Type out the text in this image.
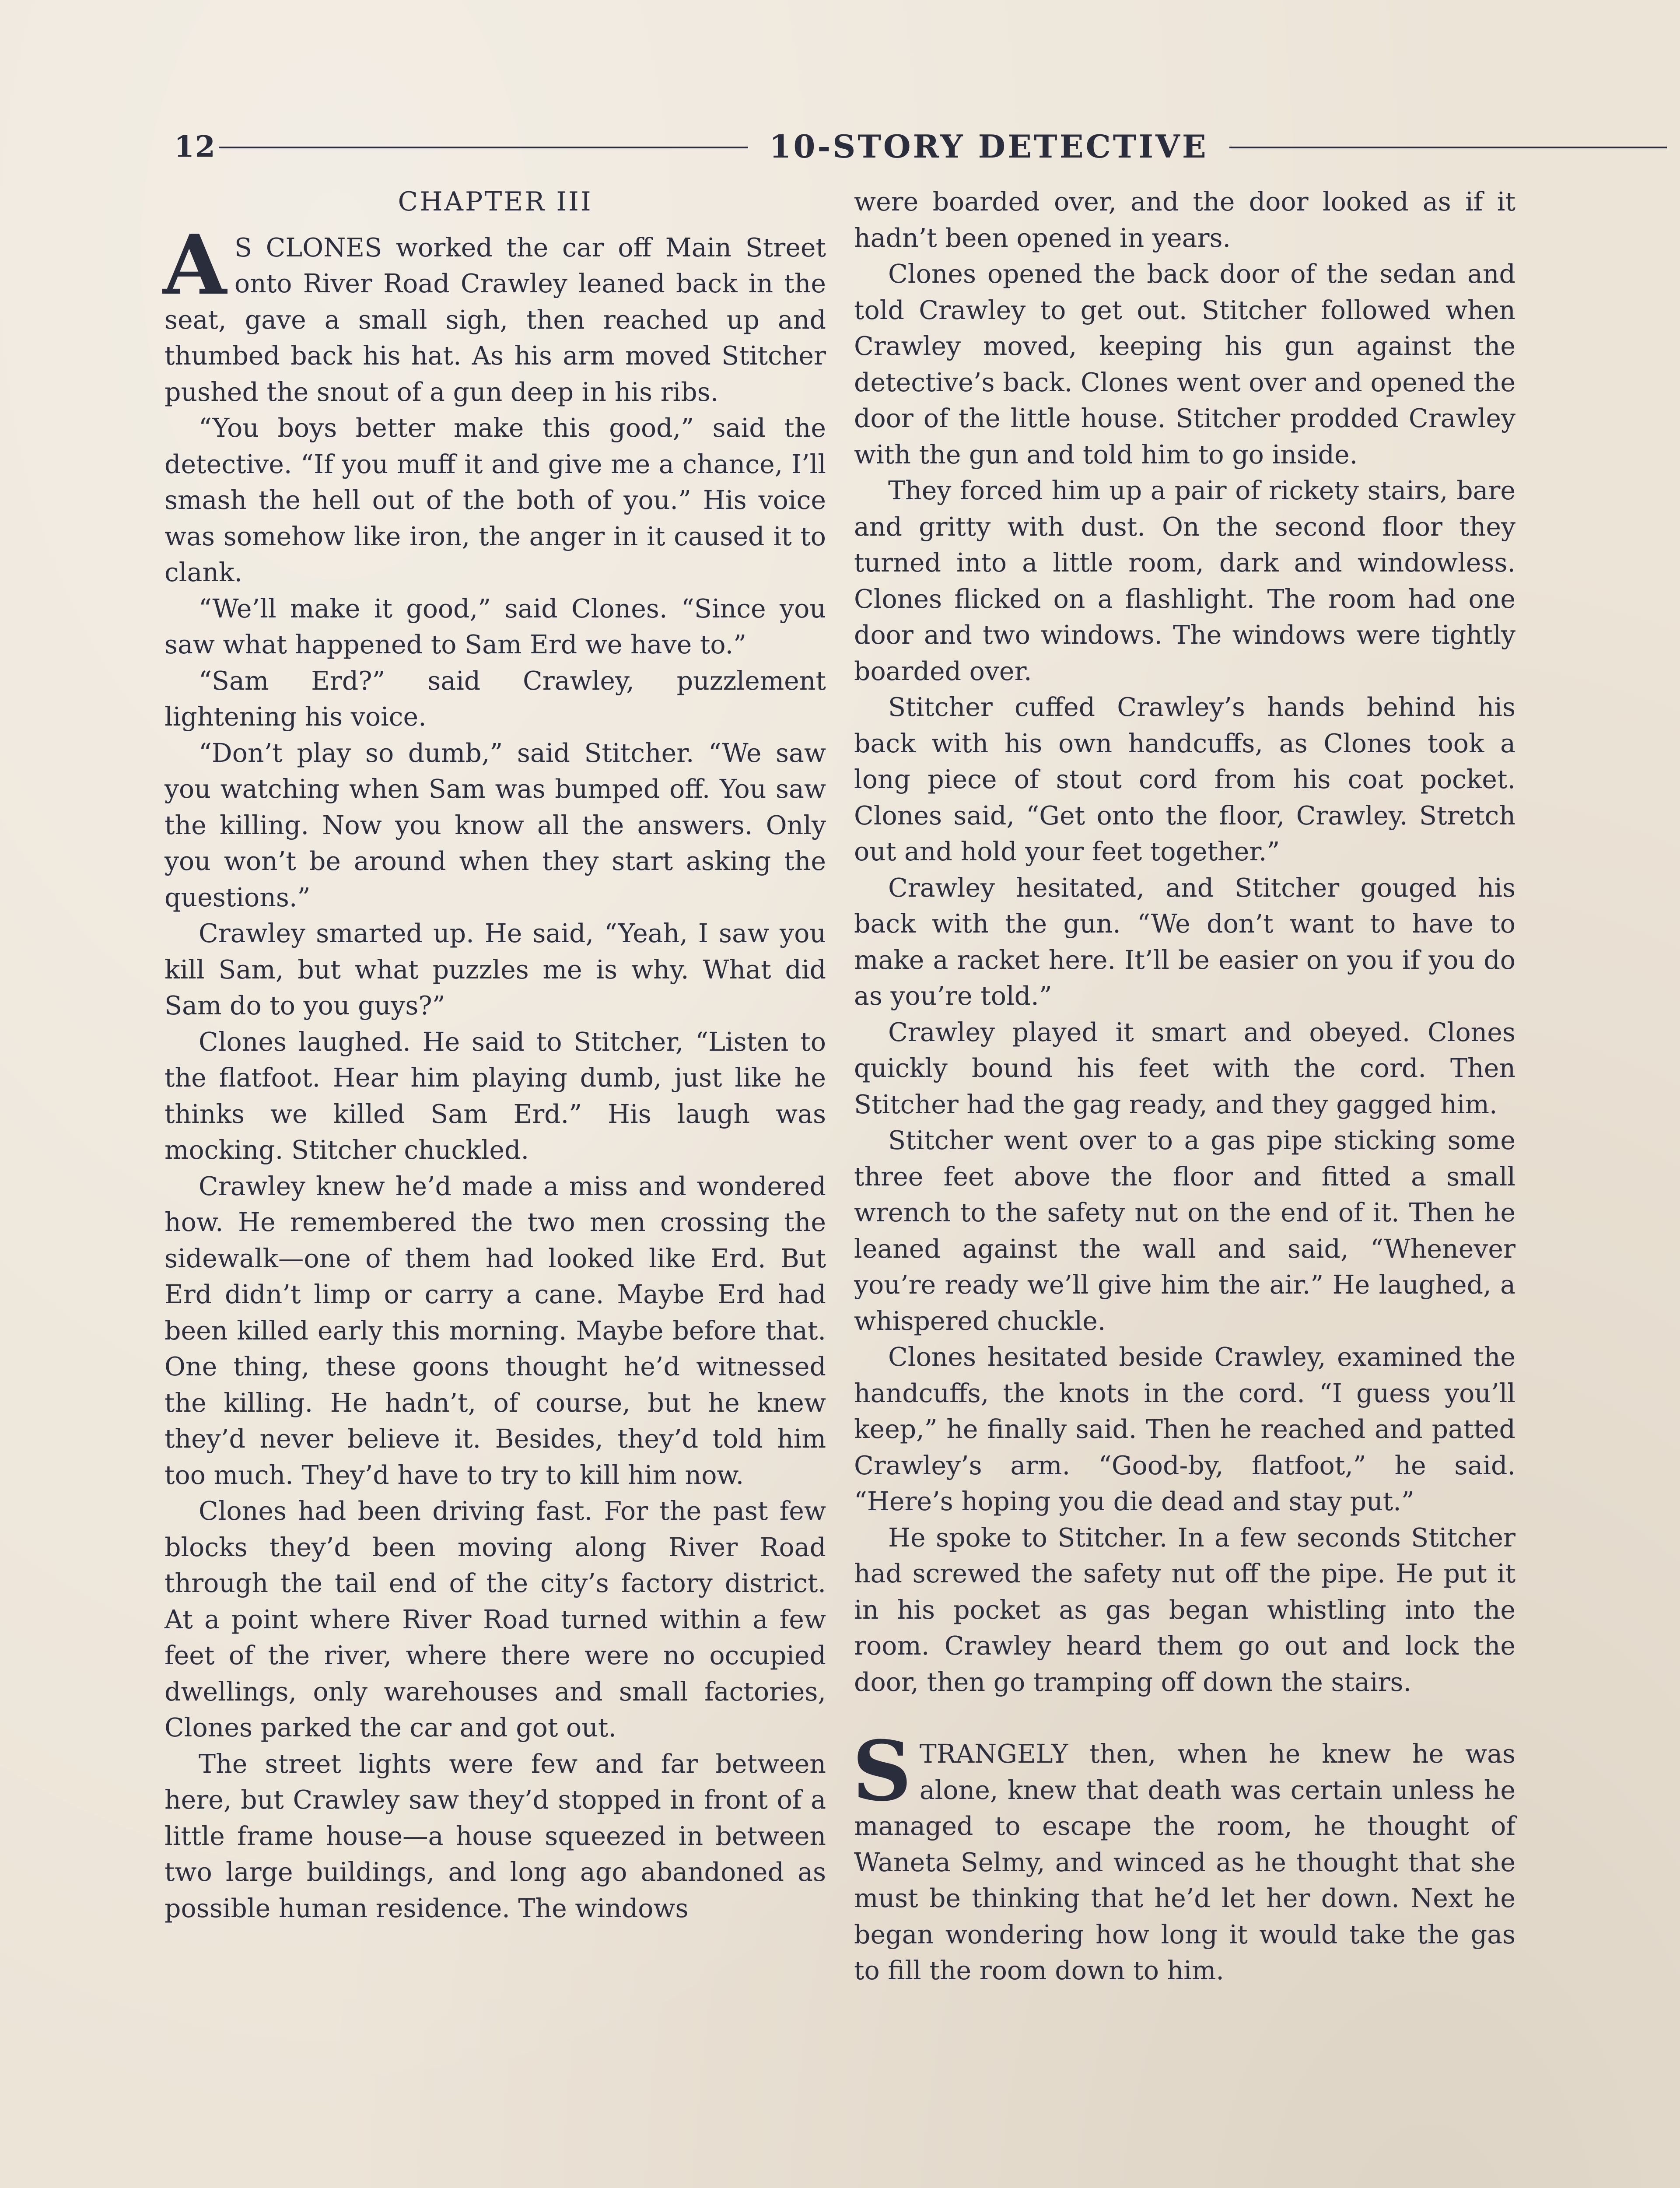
12	10-STORY DETECTIVE
CHAPTER III

A S CLONES worked the car off Main Street onto River Road Crawley leaned back in the seat, gave a small sigh, then reached up and thumbed back his hat. As his arm moved Stitcher pushed the snout of a gun deep in his ribs.

“You boys better make this good,” said the detective. “If you muff it and give me a chance, I’ll smash the hell out of the both of you.” His voice was somehow like iron, the anger in it caused it to clank.

“We’ll make it good,” said Clones. “Since you saw what happened to Sam Erd we have to.”

“Sam Erd?” said Crawley, puzzlement lightening his voice.

“Don’t play so dumb,” said Stitcher. “We saw you watching when Sam was bumped off. You saw the killing. Now you know all the answers. Only you won’t be around when they start asking the questions.”

Crawley smarted up. He said, “Yeah, I saw you kill Sam, but what puzzles me is why. What did Sam do to you guys?”

Clones laughed. He said to Stitcher, “Listen to the flatfoot. Hear him playing dumb, just like he thinks we killed Sam Erd.” His laugh was mocking. Stitcher chuckled.

Crawley knew he’d made a miss and wondered how. He remembered the two men crossing the sidewalk—one of them had looked like Erd. But Erd didn’t limp or carry a cane. Maybe Erd had been killed early this morning. Maybe before that. One thing, these goons thought he’d witnessed the killing. He hadn’t, of course, but he knew they’d never believe it. Besides, they’d told him too much. They’d have to try to kill him now.

Clones had been driving fast. For the past few blocks they’d been moving along River Road through the tail end of the city’s factory district. At a point where River Road turned within a few feet of the river, where there were no occupied dwellings, only warehouses and small factories, Clones parked the car and got out.

The street lights were few and far between here, but Crawley saw they’d stopped in front of a little frame house—a house squeezed in between two large buildings, and long ago abandoned as possible human residence. The windows

were boarded over, and the door looked as if it hadn’t been opened in years.

Clones opened the back door of the sedan and told Crawley to get out. Stitcher followed when Crawley moved, keeping his gun against the detective’s back. Clones went over and opened the door of the little house. Stitcher prodded Crawley with the gun and told him to go inside.

They forced him up a pair of rickety stairs, bare and gritty with dust. On the second floor they turned into a little room, dark and windowless. Clones flicked on a flashlight. The room had one door and two windows. The windows were tightly boarded over.

Stitcher cuffed Crawley’s hands behind his back with his own handcuffs, as Clones took a long piece of stout cord from his coat pocket. Clones said, “Get onto the floor, Crawley. Stretch out and hold your feet together.”

Crawley hesitated, and Stitcher gouged his back with the gun. “We don’t want to have to make a racket here. It’ll be easier on you if you do as you’re told.”

Crawley played it smart and obeyed. Clones quickly bound his feet with the cord. Then Stitcher had the gag ready, and they gagged him.

Stitcher went over to a gas pipe sticking some three feet above the floor and fitted a small wrench to the safety nut on the end of it. Then he leaned against the wall and said, “Whenever you’re ready we’ll give him the air.” He laughed, a whispered chuckle.

Clones hesitated beside Crawley, examined the handcuffs, the knots in the cord. “I guess you’ll keep,” he finally said. Then he reached and patted Crawley’s arm. “Good-by, flatfoot,” he said. “Here’s hoping you die dead and stay put.”

He spoke to Stitcher. In a few seconds Stitcher had screwed the safety nut off the pipe. He put it in his pocket as gas began whistling into the room. Crawley heard them go out and lock the door, then go tramping off down the stairs.

STRANGELY then, when he knew he was alone, knew that death was certain unless he managed to escape the room, he thought of Waneta Selmy, and winced as he thought that she must be thinking that he’d let her down. Next he began wondering how long it would take the gas to fill the room down to him.
